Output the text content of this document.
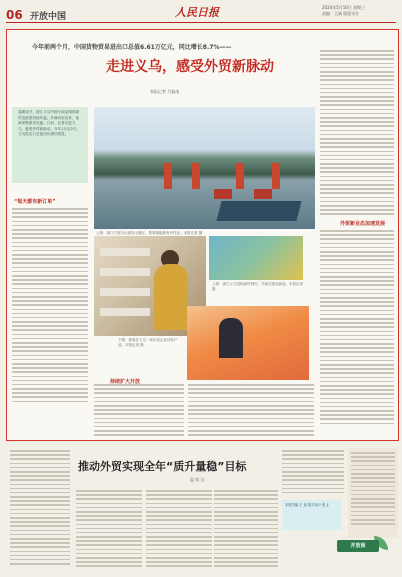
06 开放中国	人民日报	2024年5月10日 星期三
责编：王斌 版面设计
今年前两个月，中国货物贸易进出口总值6.61万亿元，同比增长8.7%——
走进义乌，感受外贸新脉动
本报记者 吕振南
春暖花开，浙江义乌中国小商品城的商贸活跃度持续升温。外商纷至沓来，客商采购需求旺盛。日前，记者走进义乌，感受外贸新脉动。今年1月至2月，义乌进出口总值同比增长明显。
“每天都有新订单”
上图：浙江宁波舟山港穿山港区，集装箱船舶有序作业。本报记者 摄
外贸新业态加速发展
上图：浙江义乌国际商贸城内，外商在挑选商品。本报记者 摄
下图：游客在义乌一家玩具企业体验产品。本报记者 摄
持续扩大开放
推动外贸实现全年“质升量稳”目标
温 家 宝
本版责编 王 斌 版式设计 张玉
开放谈
